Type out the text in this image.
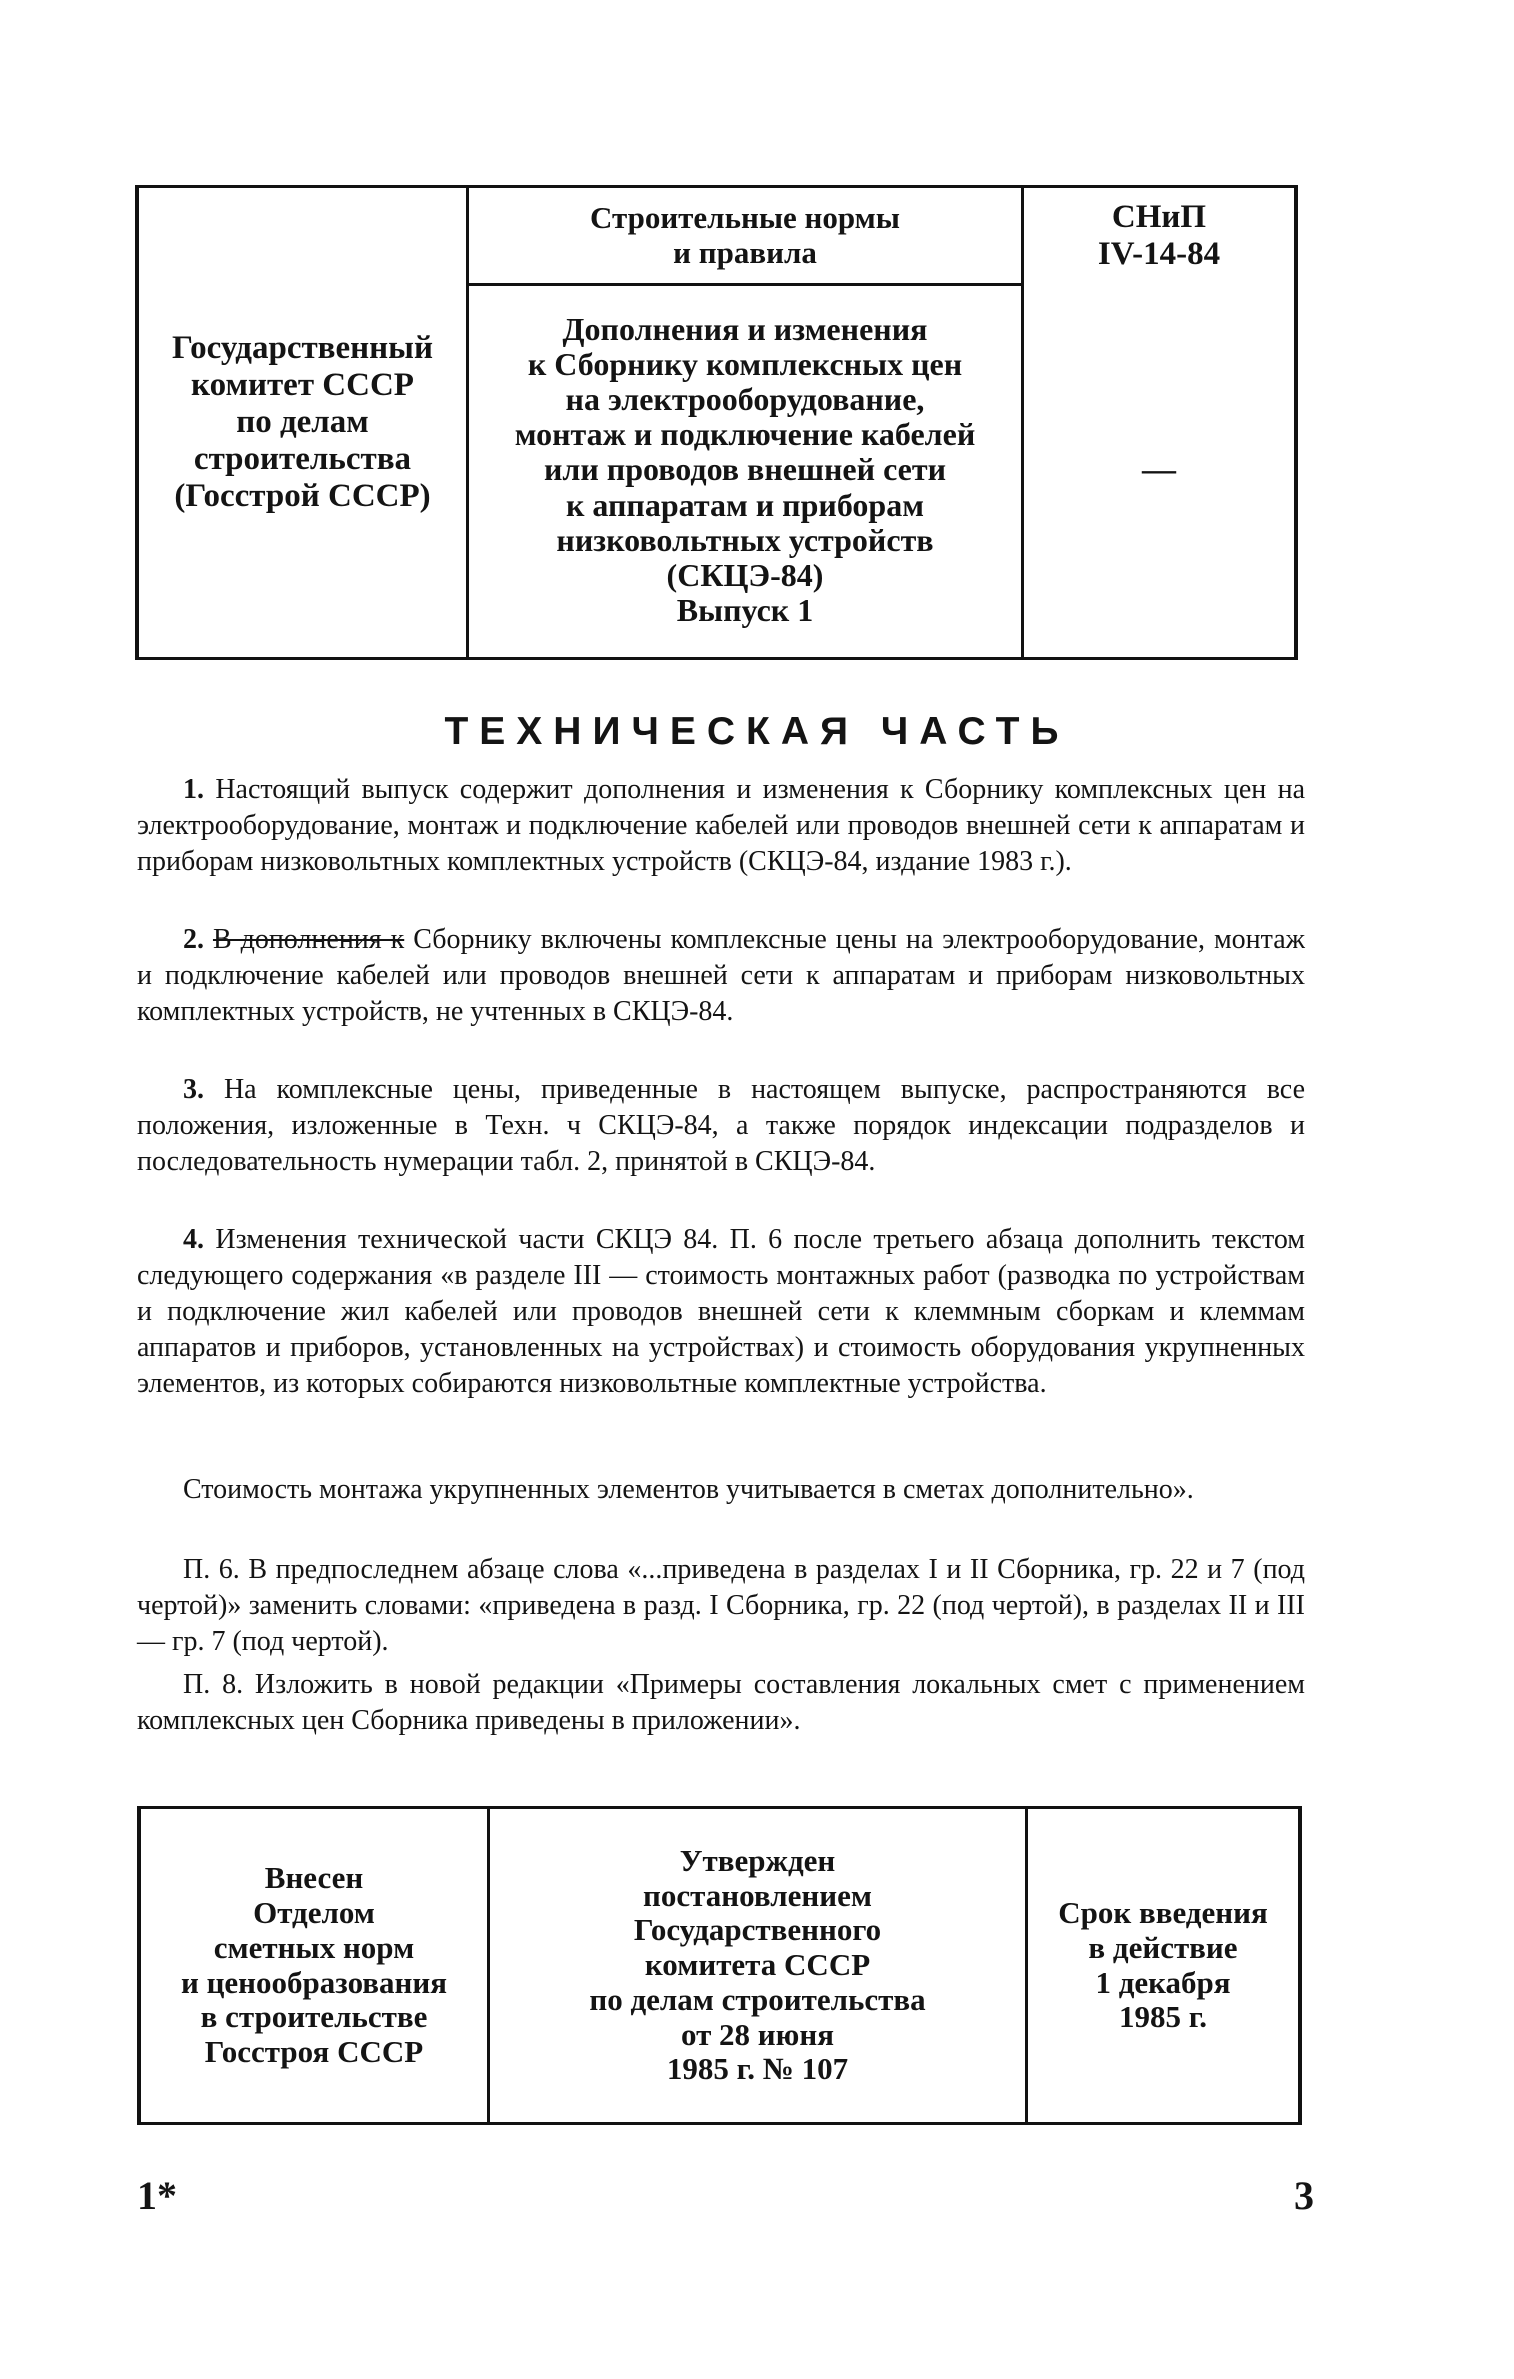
Государственный
комитет СССР
по делам
строительства
(Госстрой СССР)
Строительные нормы
и правила
СНиП
IV-14-84
Дополнения и изменения
к Сборнику комплексных цен
на электрооборудование,
монтаж и подключение кабелей
или проводов внешней сети
к аппаратам и приборам
низковольтных устройств
(СКЦЭ-84)
Выпуск 1
—
ТЕХНИЧЕСКАЯ ЧАСТЬ

1. Настоящий выпуск содержит дополнения и изменения к Сборнику комплексных цен на электрооборудование, монтаж и подключение кабелей или проводов внешней сети к аппаратам и приборам низковольтных комплектных устройств (СКЦЭ-84, издание 1983 г.).

2. В дополнения к Сборнику включены комплексные цены на электрооборудование, монтаж и подключение кабелей или проводов внешней сети к аппаратам и приборам низковольтных комплектных устройств, не учтенных в СКЦЭ-84.

3. На комплексные цены, приведенные в настоящем выпуске, распространяются все положения, изложенные в Техн. ч СКЦЭ-84, а также порядок индексации подразделов и последовательность нумерации табл. 2, принятой в СКЦЭ-84.

4. Изменения технической части СКЦЭ 84. П. 6 после третьего абзаца дополнить текстом следующего содержания «в разделе III — стоимость монтажных работ (разводка по устройствам и подключение жил кабелей или проводов внешней сети к клеммным сборкам и клеммам аппаратов и приборов, установленных на устройствах) и стоимость оборудования укрупненных элементов, из которых собираются низковольтные комплектные устройства.

Стоимость монтажа укрупненных элементов учитывается в сметах дополнительно».

П. 6. В предпоследнем абзаце слова «...приведена в разделах I и II Сборника, гр. 22 и 7 (под чертой)» заменить словами: «приведена в разд. I Сборника, гр. 22 (под чертой), в разделах II и III — гр. 7 (под чертой).

П. 8. Изложить в новой редакции «Примеры составления локальных смет с применением комплексных цен Сборника приведены в приложении».

Внесен
Отделом
сметных норм
и ценообразования
в строительстве
Госстроя СССР
Утвержден
постановлением
Государственного
комитета СССР
по делам строительства
от 28 июня
1985 г. № 107
Срок введения
в действие
1 декабря
1985 г.
1*	3
